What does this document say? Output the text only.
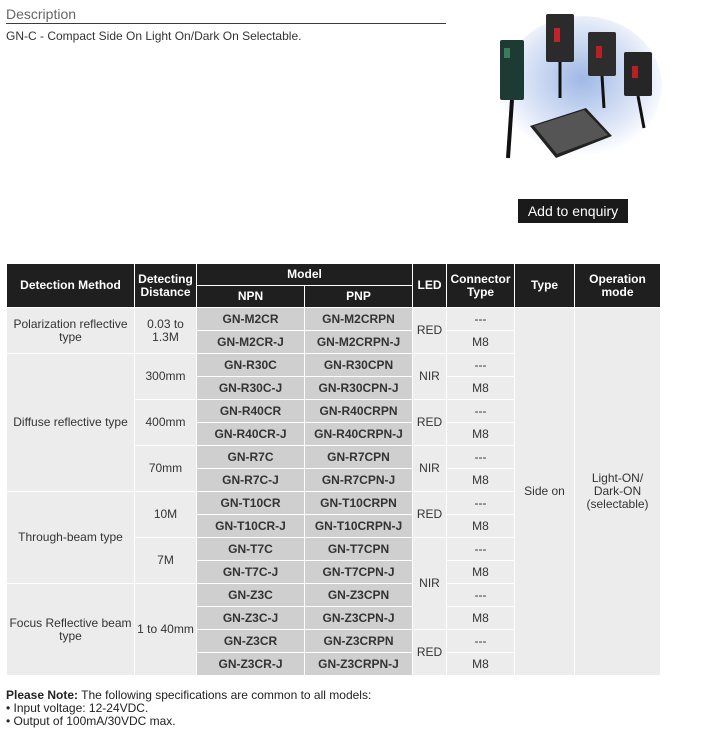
Description
GN-C - Compact Side On Light On/Dark On Selectable.
Add to enquiry
Detection Method	Detecting Distance	Model		LED	Connector Type	Type	Operation mode
		NPN	PNP				
Polarization reflective type	0.03 to 1.3M	GN-M2CR	GN-M2CRPN	RED	---	Side on	Light-ON/ Dark-ON (selectable)
		GN-M2CR-J	GN-M2CRPN-J		M8		
Diffuse reflective type	300mm	GN-R30C	GN-R30CPN	NIR	---		
		GN-R30C-J	GN-R30CPN-J		M8		
	400mm	GN-R40CR	GN-R40CRPN	RED	---		
		GN-R40CR-J	GN-R40CRPN-J		M8		
	70mm	GN-R7C	GN-R7CPN	NIR	---		
		GN-R7C-J	GN-R7CPN-J		M8		
Through-beam type	10M	GN-T10CR	GN-T10CRPN	RED	---		
		GN-T10CR-J	GN-T10CRPN-J		M8		
	7M	GN-T7C	GN-T7CPN	NIR	---		
		GN-T7C-J	GN-T7CPN-J		M8		
Focus Reflective beam type	1 to 40mm	GN-Z3C	GN-Z3CPN		---		
		GN-Z3C-J	GN-Z3CPN-J		M8		
		GN-Z3CR	GN-Z3CRPN	RED	---		
		GN-Z3CR-J	GN-Z3CRPN-J		M8		
Please Note: The following specifications are common to all models:
• Input voltage: 12-24VDC.
• Output of 100mA/30VDC max.
